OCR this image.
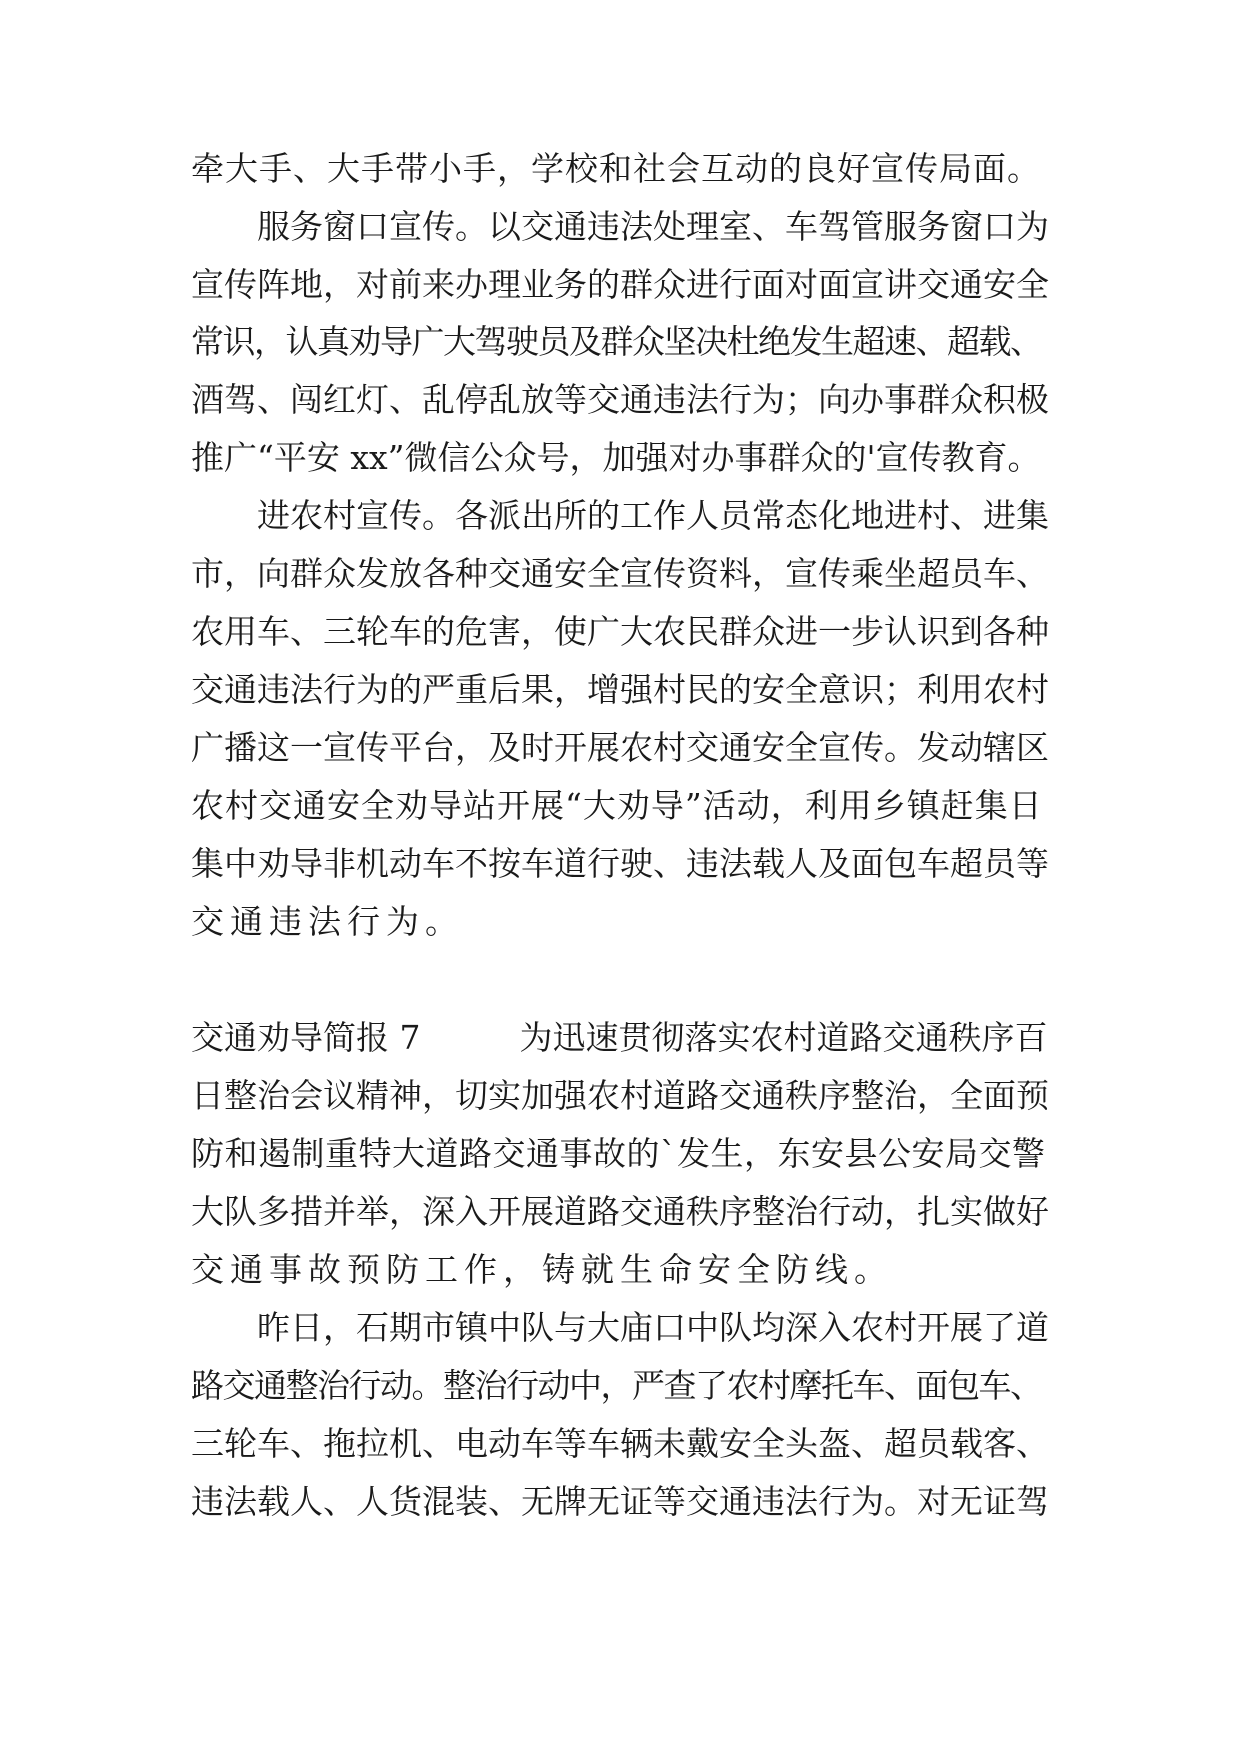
牵大手、大手带小手，学校和社会互动的良好宣传局面。

服务窗口宣传。以交通违法处理室、车驾管服务窗口为

宣传阵地，对前来办理业务的群众进行面对面宣讲交通安全

常识，认真劝导广大驾驶员及群众坚决杜绝发生超速、超载、

酒驾、闯红灯、乱停乱放等交通违法行为；向办事群众积极

推广“平安 xx”微信公众号，加强对办事群众的'宣传教育。

进农村宣传。各派出所的工作人员常态化地进村、进集

市，向群众发放各种交通安全宣传资料，宣传乘坐超员车、

农用车、三轮车的危害，使广大农民群众进一步认识到各种

交通违法行为的严重后果，增强村民的安全意识；利用农村

广播这一宣传平台，及时开展农村交通安全宣传。发动辖区

农村交通安全劝导站开展“大劝导”活动，利用乡镇赶集日

集中劝导非机动车不按车道行驶、违法载人及面包车超员等

交通违法行为。

交通劝导简报 7　　　为迅速贯彻落实农村道路交通秩序百

日整治会议精神，切实加强农村道路交通秩序整治，全面预

防和遏制重特大道路交通事故的`发生，东安县公安局交警

大队多措并举，深入开展道路交通秩序整治行动，扎实做好

交通事故预防工作，铸就生命安全防线。

昨日，石期市镇中队与大庙口中队均深入农村开展了道

路交通整治行动。整治行动中，严查了农村摩托车、面包车、

三轮车、拖拉机、电动车等车辆未戴安全头盔、超员载客、

违法载人、人货混装、无牌无证等交通违法行为。对无证驾
